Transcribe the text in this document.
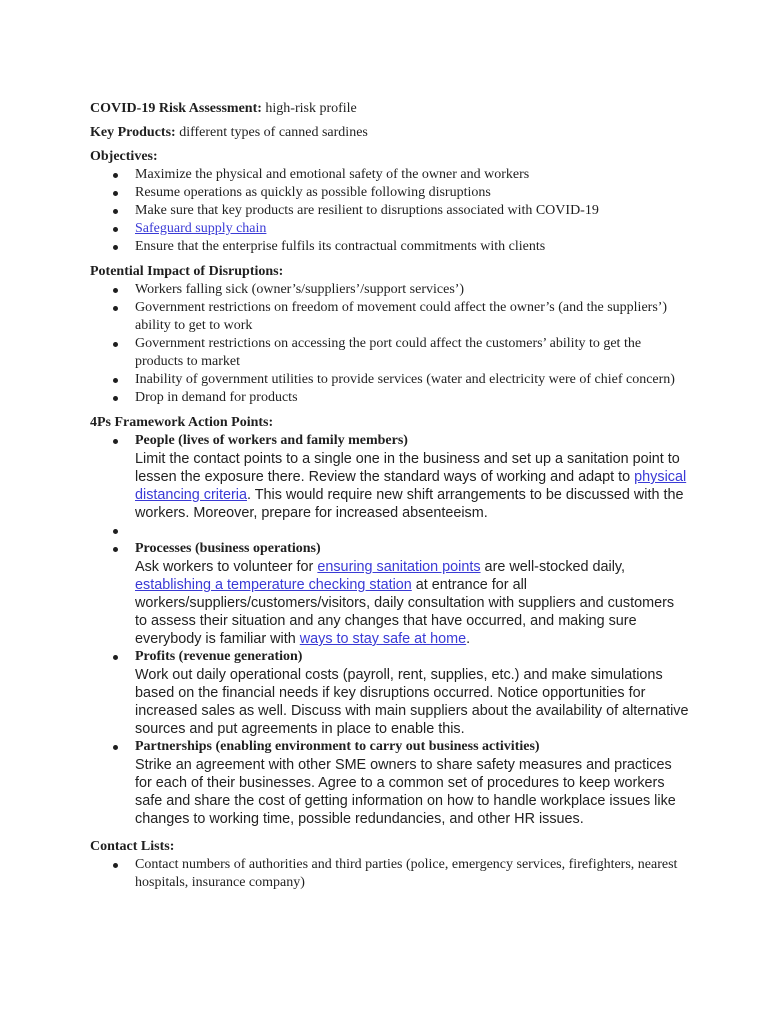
COVID-19 Risk Assessment: high-risk profile

Key Products: different types of canned sardines

Objectives:

Maximize the physical and emotional safety of the owner and workers
Resume operations as quickly as possible following disruptions
Make sure that key products are resilient to disruptions associated with COVID-19
Safeguard supply chain
Ensure that the enterprise fulfils its contractual commitments with clients

Potential Impact of Disruptions:

Workers falling sick (owner’s/suppliers’/support services’)
Government restrictions on freedom of movement could affect the owner’s (and the suppliers’) ability to get to work
Government restrictions on accessing the port could affect the customers’ ability to get the products to market
Inability of government utilities to provide services (water and electricity were of chief concern)
Drop in demand for products

4Ps Framework Action Points:

People (lives of workers and family members)
Limit the contact points to a single one in the business and set up a sanitation point to lessen the exposure there. Review the standard ways of working and adapt to physical distancing criteria. This would require new shift arrangements to be discussed with the workers. Moreover, prepare for increased absenteeism.
Processes (business operations)
Ask workers to volunteer for ensuring sanitation points are well-stocked daily, establishing a temperature checking station at entrance for all workers/suppliers/customers/visitors, daily consultation with suppliers and customers to assess their situation and any changes that have occurred, and making sure everybody is familiar with ways to stay safe at home.
Profits (revenue generation)
Work out daily operational costs (payroll, rent, supplies, etc.) and make simulations based on the financial needs if key disruptions occurred. Notice opportunities for increased sales as well. Discuss with main suppliers about the availability of alternative sources and put agreements in place to enable this.
Partnerships (enabling environment to carry out business activities)
Strike an agreement with other SME owners to share safety measures and practices for each of their businesses. Agree to a common set of procedures to keep workers safe and share the cost of getting information on how to handle workplace issues like changes to working time, possible redundancies, and other HR issues.

Contact Lists:

Contact numbers of authorities and third parties (police, emergency services, firefighters, nearest hospitals, insurance company)
